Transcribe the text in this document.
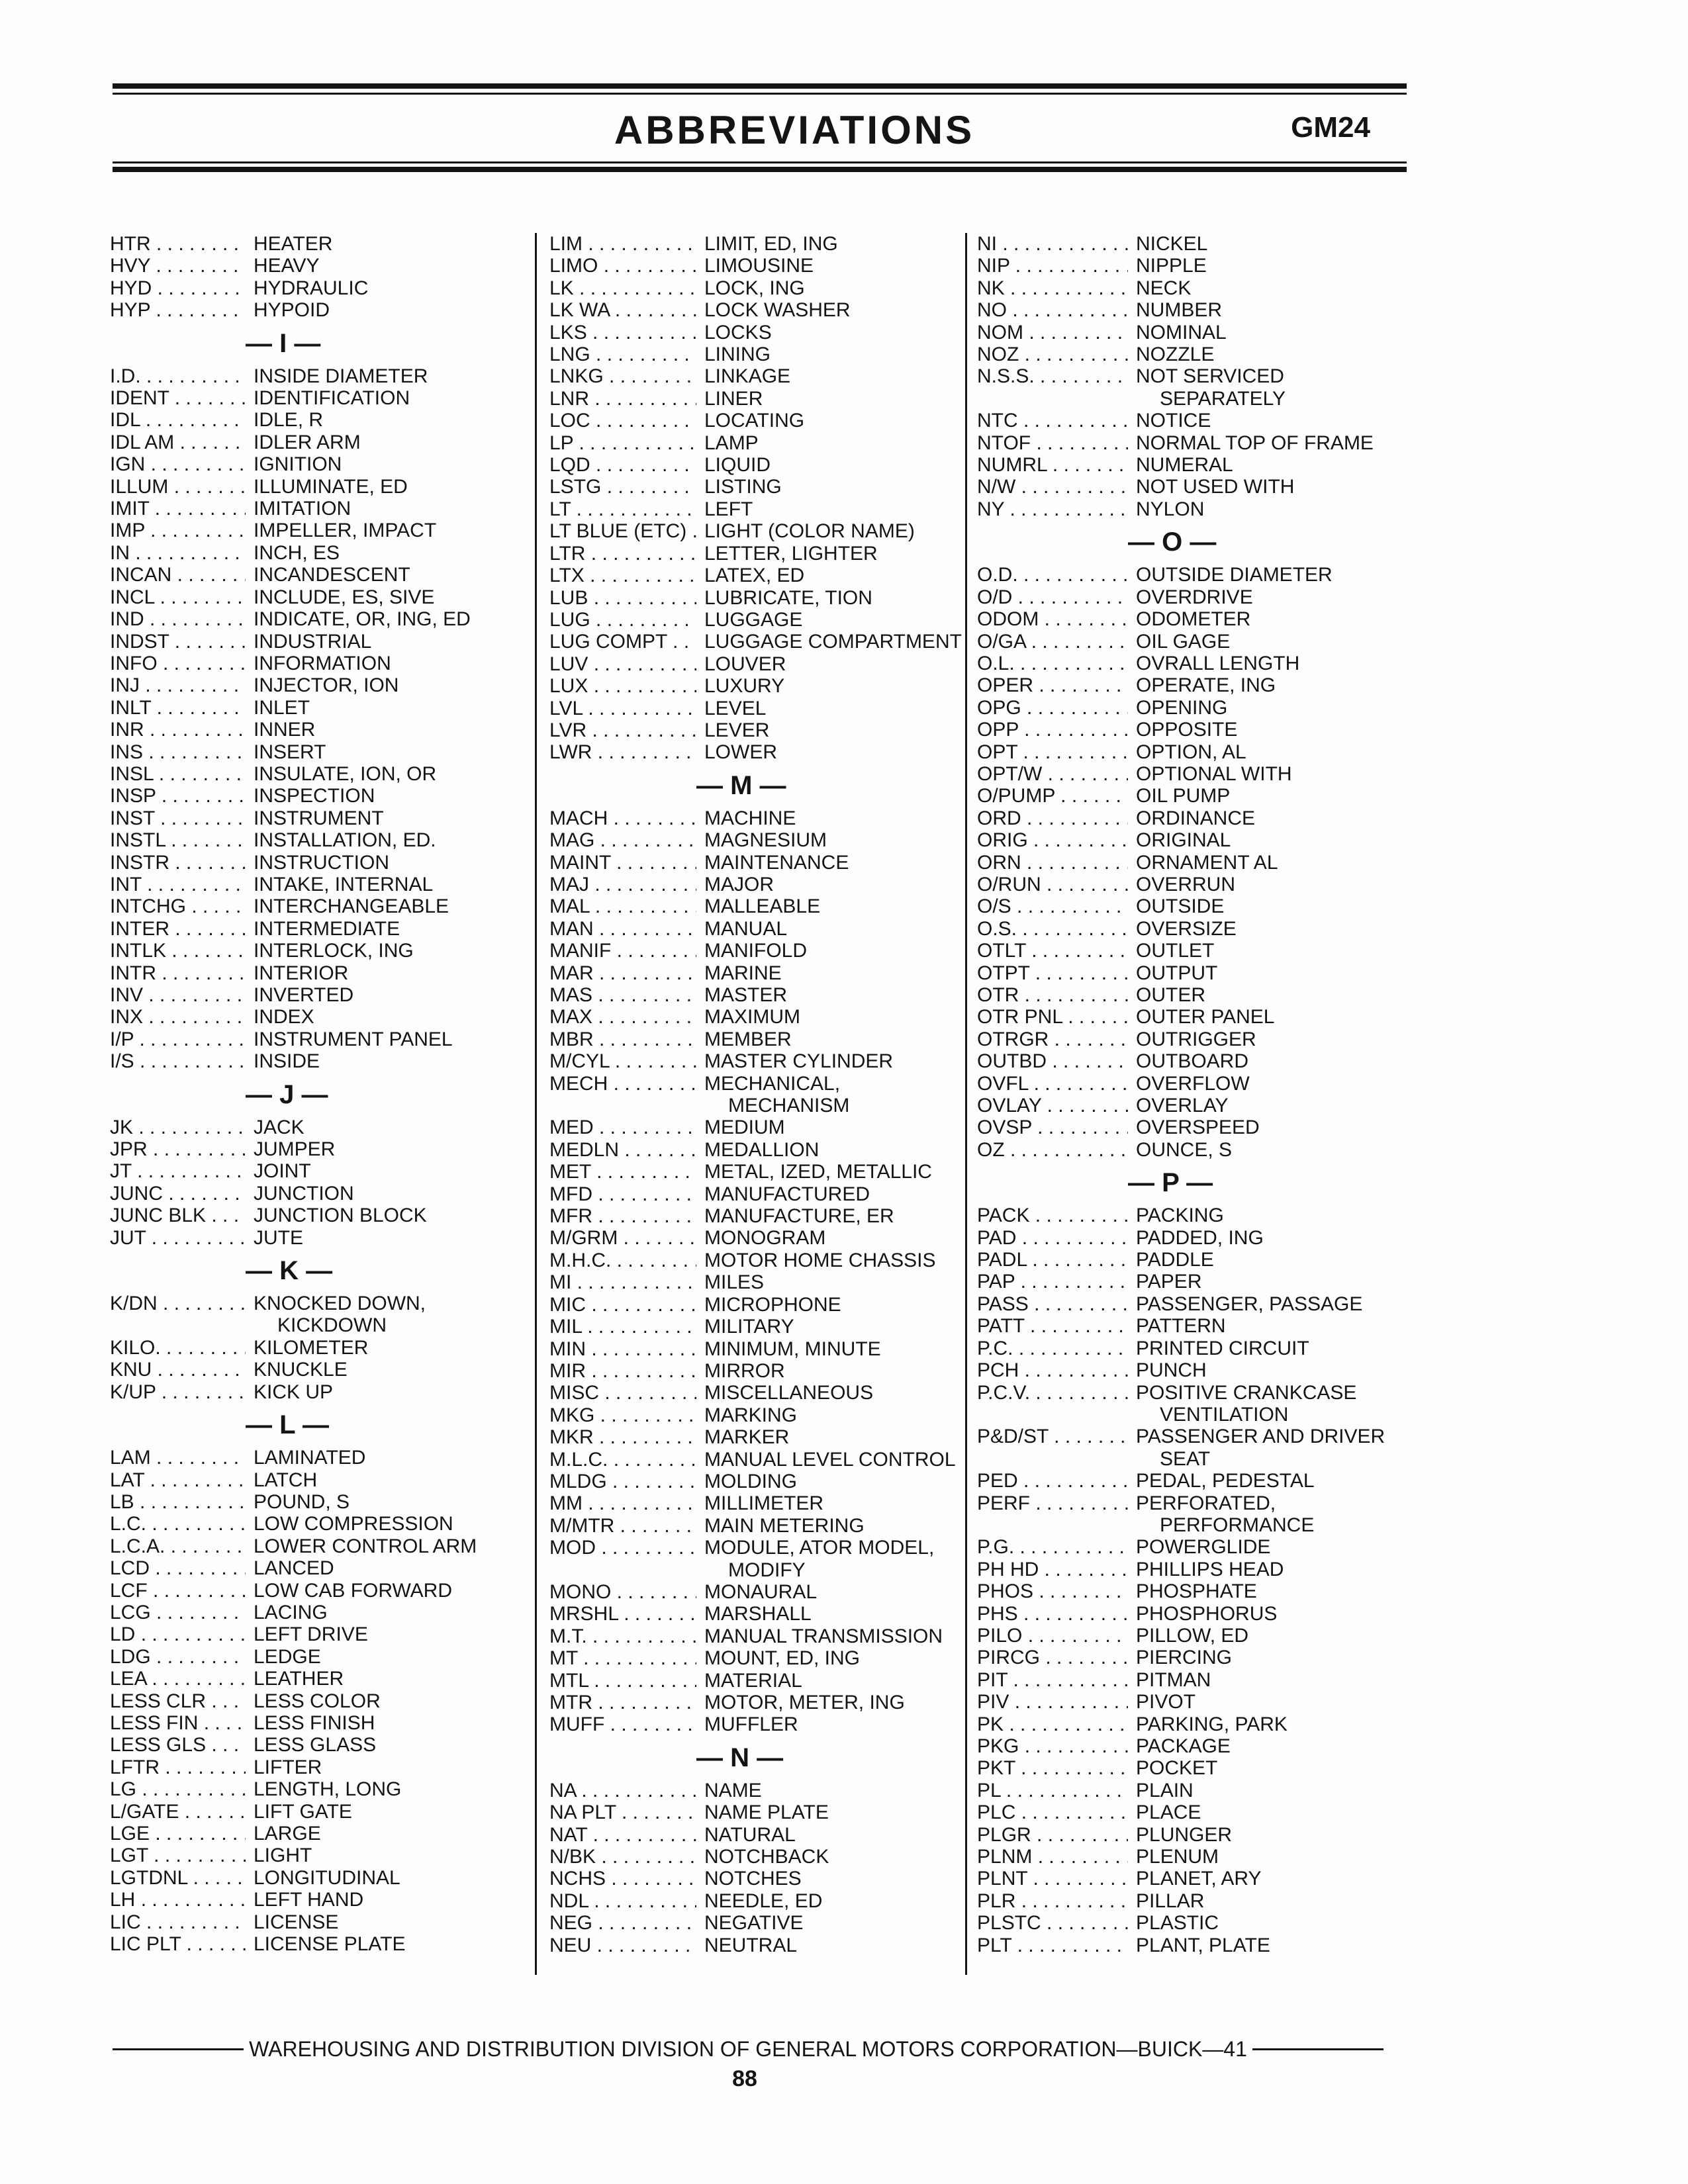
ABBREVIATIONS	GM24
HTR . . .	HEATER
HVY . . .	HEAVY
HYD . . .	HYDRAULIC
HYP . . .	HYPOID
— I —
I.D. . . .	INSIDE DIAMETER
IDENT . . .	IDENTIFICATION
IDL . . .	IDLE, R
IDL AM . . .	IDLER ARM
IGN . . .	IGNITION
ILLUM . . .	ILLUMINATE, ED
IMIT . . .	IMITATION
IMP . . .	IMPELLER, IMPACT
IN . . .	INCH, ES
INCAN . . .	INCANDESCENT
INCL . . .	INCLUDE, ES, SIVE
IND . . .	INDICATE, OR, ING, ED
INDST . . .	INDUSTRIAL
INFO . . .	INFORMATION
INJ . . .	INJECTOR, ION
INLT . . .	INLET
INR . . .	INNER
INS . . .	INSERT
INSL . . .	INSULATE, ION, OR
INSP . . .	INSPECTION
INST . . .	INSTRUMENT
INSTL . . .	INSTALLATION, ED.
INSTR . . .	INSTRUCTION
INT . . .	INTAKE, INTERNAL
INTCHG . . .	INTERCHANGEABLE
INTER . . .	INTERMEDIATE
INTLK . . .	INTERLOCK, ING
INTR . . .	INTERIOR
INV . . .	INVERTED
INX . . .	INDEX
I/P . . .	INSTRUMENT PANEL
I/S . . .	INSIDE
— J —
JK . . .	JACK
JPR . . .	JUMPER
JT . . .	JOINT
JUNC . . .	JUNCTION
JUNC BLK . . .	JUNCTION BLOCK
JUT . . .	JUTE
— K —
K/DN . . .	KNOCKED DOWN,
KICKDOWN
KILO. . . .	KILOMETER
KNU . . .	KNUCKLE
K/UP . . .	KICK UP
— L —
LAM . . .	LAMINATED
LAT . . .	LATCH
LB . . .	POUND, S
L.C. . . .	LOW COMPRESSION
L.C.A. . . .	LOWER CONTROL ARM
LCD . . .	LANCED
LCF . . .	LOW CAB FORWARD
LCG . . .	LACING
LD . . .	LEFT DRIVE
LDG . . .	LEDGE
LEA . . .	LEATHER
LESS CLR . . .	LESS COLOR
LESS FIN . . .	LESS FINISH
LESS GLS . . .	LESS GLASS
LFTR . . .	LIFTER
LG . . .	LENGTH, LONG
L/GATE . . .	LIFT GATE
LGE . . .	LARGE
LGT . . .	LIGHT
LGTDNL . . .	LONGITUDINAL
LH . . .	LEFT HAND
LIC . . .	LICENSE
LIC PLT . . .	LICENSE PLATE
LIM . . .	LIMIT, ED, ING
LIMO . . .	LIMOUSINE
LK . . .	LOCK, ING
LK WA . . .	LOCK WASHER
LKS . . .	LOCKS
LNG . . .	LINING
LNKG . . .	LINKAGE
LNR . . .	LINER
LOC . . .	LOCATING
LP . . .	LAMP
LQD . . .	LIQUID
LSTG . . .	LISTING
LT . . .	LEFT
LT BLUE (ETC) . . . LIGHT (COLOR NAME)
LTR . . .	LETTER, LIGHTER
LTX . . .	LATEX, ED
LUB . . .	LUBRICATE, TION
LUG . . .	LUGGAGE
LUG COMPT . . .	LUGGAGE COMPARTMENT
LUV . . .	LOUVER
LUX . . .	LUXURY
LVL . . .	LEVEL
LVR . . .	LEVER
LWR . . .	LOWER
— M —
MACH . . .	MACHINE
MAG . . .	MAGNESIUM
MAINT . . .	MAINTENANCE
MAJ . . .	MAJOR
MAL . . .	MALLEABLE
MAN . . .	MANUAL
MANIF . . .	MANIFOLD
MAR . . .	MARINE
MAS . . .	MASTER
MAX . . .	MAXIMUM
MBR . . .	MEMBER
M/CYL . . .	MASTER CYLINDER
MECH . . .	MECHANICAL,
MECHANISM
MED . . .	MEDIUM
MEDLN . . .	MEDALLION
MET . . .	METAL, IZED, METALLIC
MFD . . .	MANUFACTURED
MFR . . .	MANUFACTURE, ER
M/GRM . . .	MONOGRAM
M.H.C. . . .	MOTOR HOME CHASSIS
MI . . .	MILES
MIC . . .	MICROPHONE
MIL . . .	MILITARY
MIN . . .	MINIMUM, MINUTE
MIR . . .	MIRROR
MISC . . .	MISCELLANEOUS
MKG . . .	MARKING
MKR . . .	MARKER
M.L.C. . . .	MANUAL LEVEL CONTROL
MLDG . . .	MOLDING
MM . . .	MILLIMETER
M/MTR . . .	MAIN METERING
MOD . . .	MODULE, ATOR MODEL,
MODIFY
MONO . . .	MONAURAL
MRSHL . . .	MARSHALL
M.T. . . .	MANUAL TRANSMISSION
MT . . .	MOUNT, ED, ING
MTL . . .	MATERIAL
MTR . . .	MOTOR, METER, ING
MUFF . . .	MUFFLER
— N —
NA . . .	NAME
NA PLT . . .	NAME PLATE
NAT . . .	NATURAL
N/BK . . .	NOTCHBACK
NCHS . . .	NOTCHES
NDL . . .	NEEDLE, ED
NEG . . .	NEGATIVE
NEU . . .	NEUTRAL
NI . . .	NICKEL
NIP . . .	NIPPLE
NK . . .	NECK
NO . . .	NUMBER
NOM . . .	NOMINAL
NOZ . . .	NOZZLE
N.S.S. . . .	NOT SERVICED
SEPARATELY
NTC . . .	NOTICE
NTOF . . .	NORMAL TOP OF FRAME
NUMRL . . .	NUMERAL
N/W . . .	NOT USED WITH
NY . . .	NYLON
— O —
O.D. . . .	OUTSIDE DIAMETER
O/D . . .	OVERDRIVE
ODOM . . .	ODOMETER
O/GA . . .	OIL GAGE
O.L. . . .	OVRALL LENGTH
OPER . . .	OPERATE, ING
OPG . . .	OPENING
OPP . . .	OPPOSITE
OPT . . .	OPTION, AL
OPT/W . . .	OPTIONAL WITH
O/PUMP . . .	OIL PUMP
ORD . . .	ORDINANCE
ORIG . . .	ORIGINAL
ORN . . .	ORNAMENT AL
O/RUN . . .	OVERRUN
O/S . . .	OUTSIDE
O.S. . . .	OVERSIZE
OTLT . . .	OUTLET
OTPT . . .	OUTPUT
OTR . . .	OUTER
OTR PNL . . .	OUTER PANEL
OTRGR . . .	OUTRIGGER
OUTBD . . .	OUTBOARD
OVFL . . .	OVERFLOW
OVLAY . . .	OVERLAY
OVSP . . .	OVERSPEED
OZ . . .	OUNCE, S
— P —
PACK . . .	PACKING
PAD . . .	PADDED, ING
PADL . . .	PADDLE
PAP . . .	PAPER
PASS . . .	PASSENGER, PASSAGE
PATT . . .	PATTERN
P.C. . . .	PRINTED CIRCUIT
PCH . . .	PUNCH
P.C.V. . . .	POSITIVE CRANKCASE
VENTILATION
P&D/ST . . .	PASSENGER AND DRIVER
SEAT
PED . . .	PEDAL, PEDESTAL
PERF . . .	PERFORATED,
PERFORMANCE
P.G. . . .	POWERGLIDE
PH HD . . .	PHILLIPS HEAD
PHOS . . .	PHOSPHATE
PHS . . .	PHOSPHORUS
PILO . . .	PILLOW, ED
PIRCG . . .	PIERCING
PIT . . .	PITMAN
PIV . . .	PIVOT
PK . . .	PARKING, PARK
PKG . . .	PACKAGE
PKT . . .	POCKET
PL . . .	PLAIN
PLC . . .	PLACE
PLGR . . .	PLUNGER
PLNM . . .	PLENUM
PLNT . . .	PLANET, ARY
PLR . . .	PILLAR
PLSTC . . .	PLASTIC
PLT . . .	PLANT, PLATE
WAREHOUSING AND DISTRIBUTION DIVISION OF GENERAL MOTORS CORPORATION—BUICK—41
88
